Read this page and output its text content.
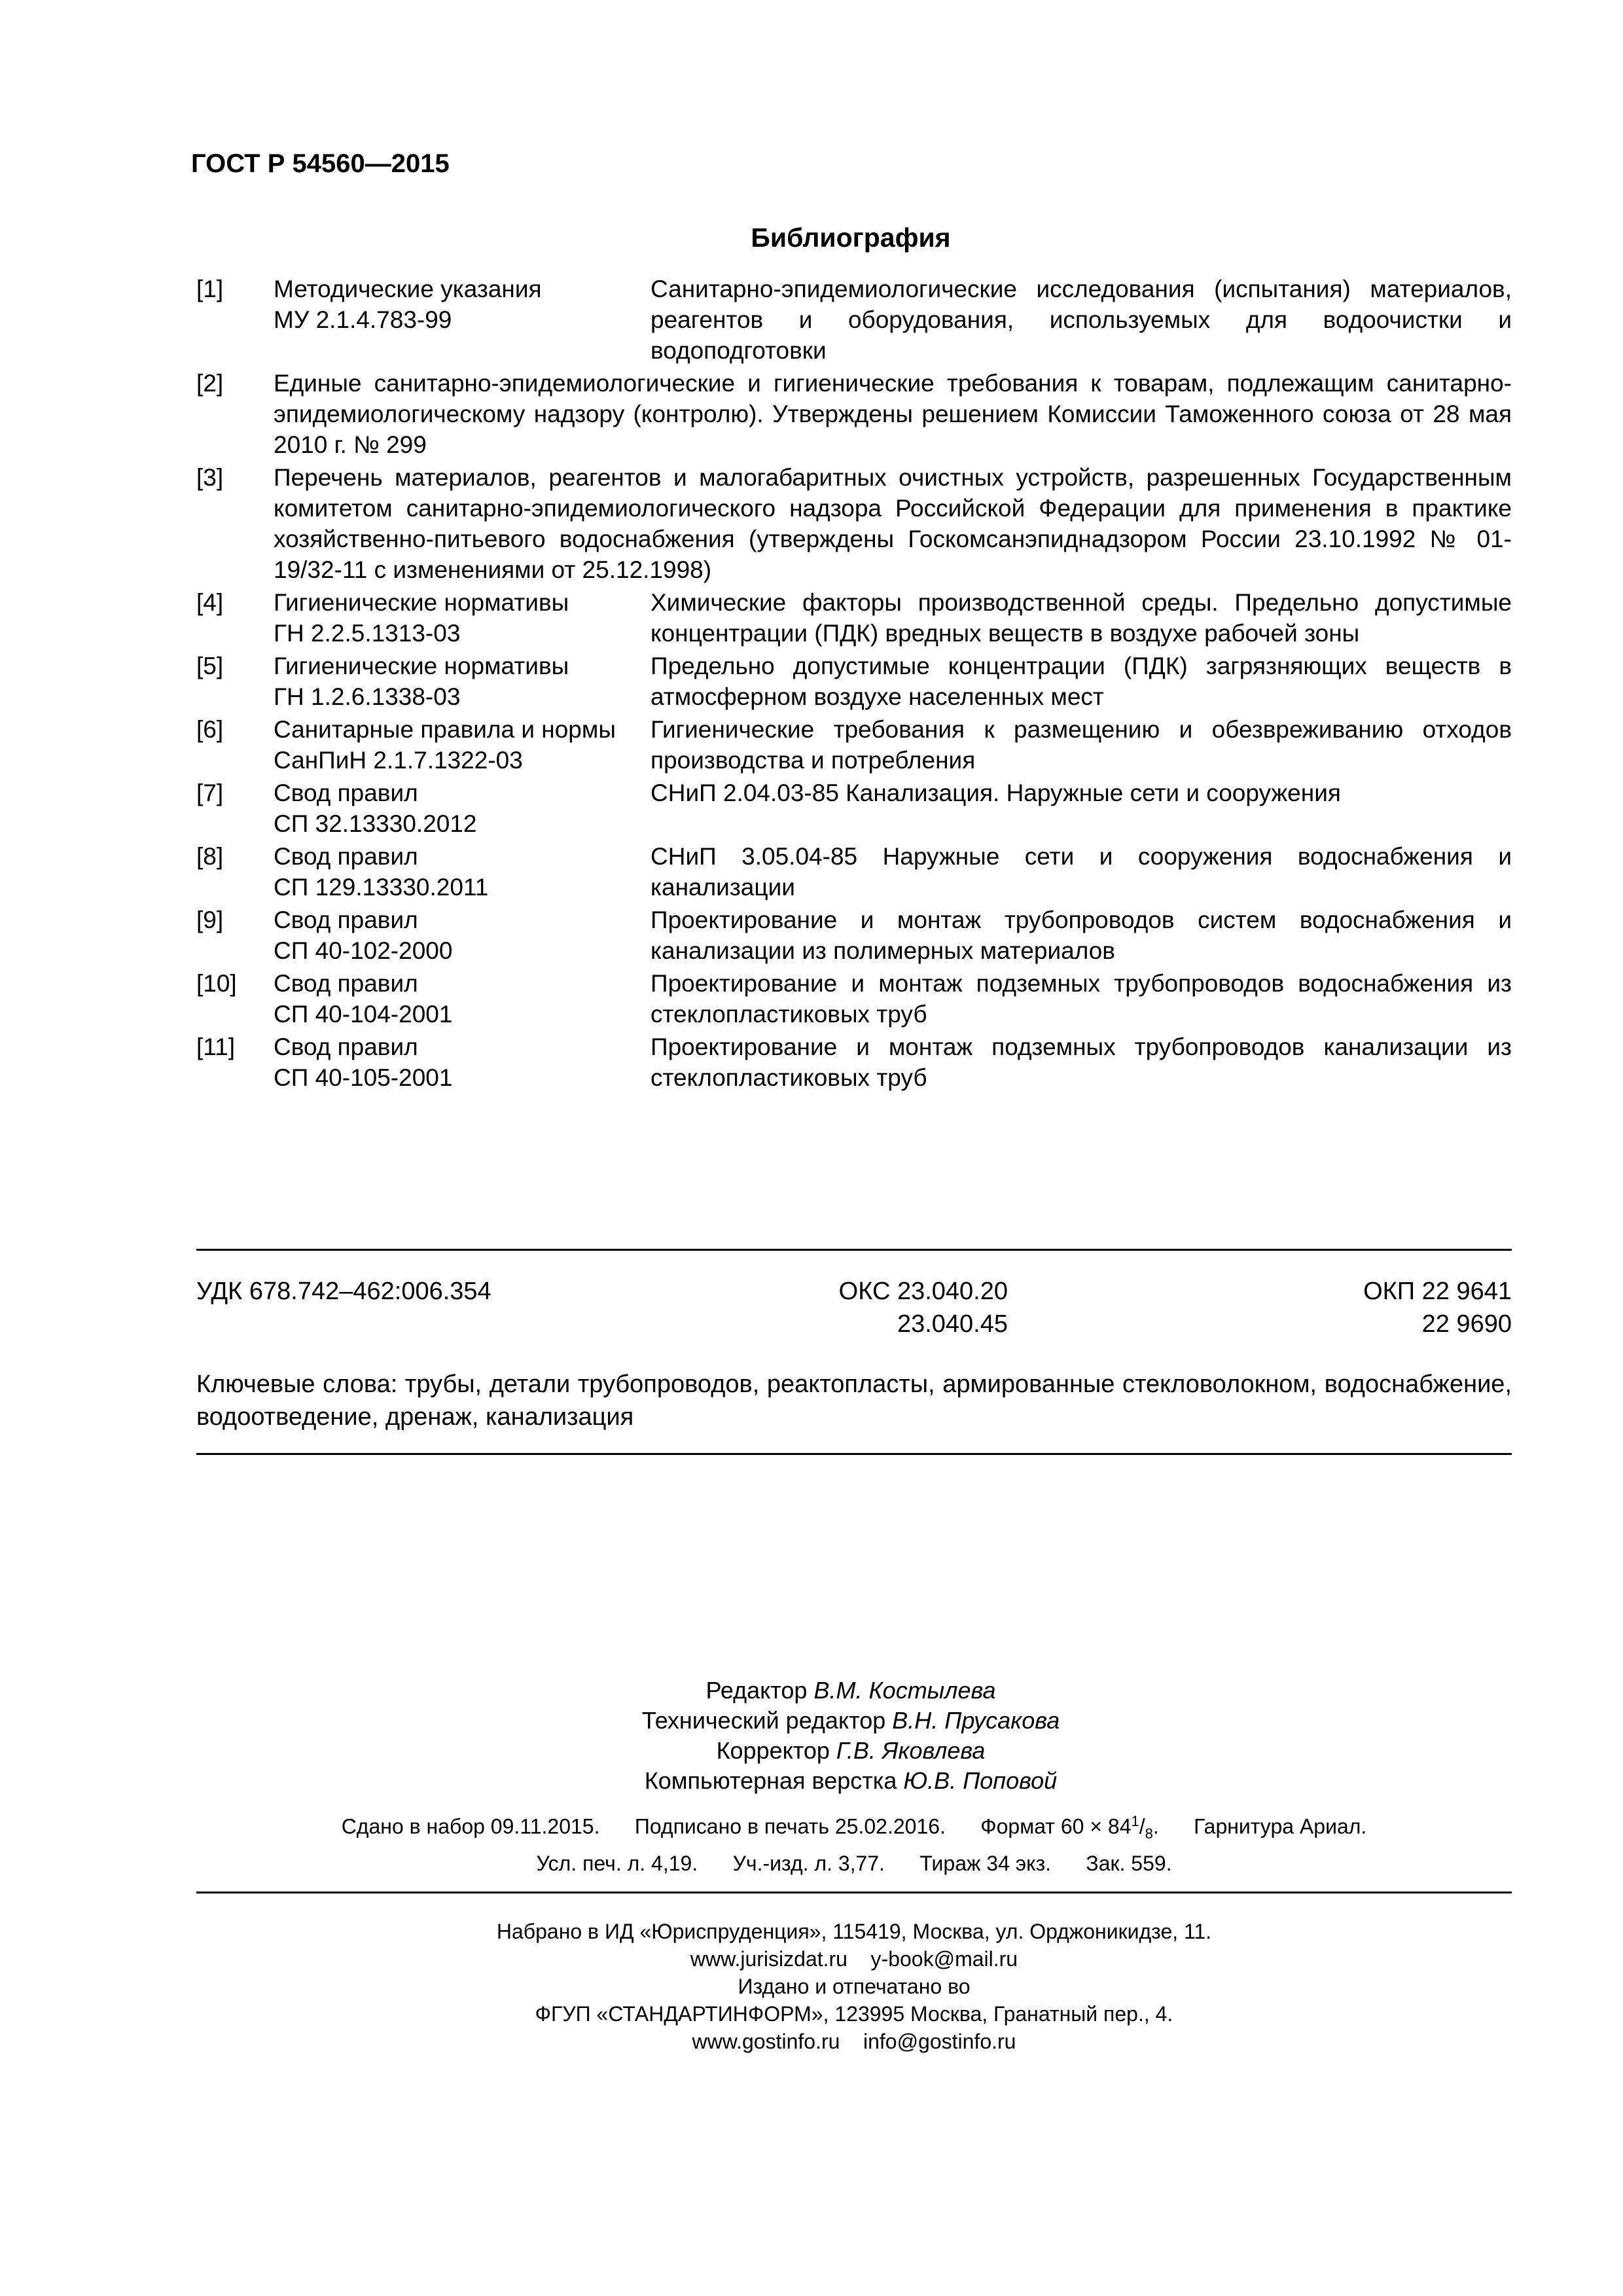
ГОСТ Р 54560—2015
Библиография
[1] Методические указания
МУ 2.1.4.783-99
Санитарно-эпидемиологические исследования (испытания) материалов, реагентов и оборудования, используемых для водоочистки и водоподготовки
[2] Единые санитарно-эпидемиологические и гигиенические требования к товарам, подлежащим санитарно-эпидемиологическому надзору (контролю). Утверждены решением Комиссии Таможенного союза от 28 мая 2010 г. № 299
[3] Перечень материалов, реагентов и малогабаритных очистных устройств, разрешенных Государственным комитетом санитарно-эпидемиологического надзора Российской Федерации для применения в практике хозяйственно-питьевого водоснабжения (утверждены Госкомсанэпиднадзором России 23.10.1992 № 01-19/32-11 с изменениями от 25.12.1998)
[4] Гигиенические нормативы
ГН 2.2.5.1313-03
Химические факторы производственной среды. Предельно допустимые концентрации (ПДК) вредных веществ в воздухе рабочей зоны
[5] Гигиенические нормативы
ГН 1.2.6.1338-03
Предельно допустимые концентрации (ПДК) загрязняющих веществ в атмосферном воздухе населенных мест
[6] Санитарные правила и нормы
СанПиН 2.1.7.1322-03
Гигиенические требования к размещению и обезвреживанию отходов производства и потребления
[7] Свод правил
СП 32.13330.2012
СНиП 2.04.03-85 Канализация. Наружные сети и сооружения
[8] Свод правил
СП 129.13330.2011
СНиП 3.05.04-85 Наружные сети и сооружения водоснабжения и канализации
[9] Свод правил
СП 40-102-2000
Проектирование и монтаж трубопроводов систем водоснабжения и канализации из полимерных материалов
[10] Свод правил
СП 40-104-2001
Проектирование и монтаж подземных трубопроводов водоснабжения из стеклопластиковых труб
[11] Свод правил
СП 40-105-2001
Проектирование и монтаж подземных трубопроводов канализации из стеклопластиковых труб
УДК 678.742–462:006.354	ОКС 23.040.20
23.040.45
ОКП 22 9641
22 9690
Ключевые слова: трубы, детали трубопроводов, реактопласты, армированные стекловолокном, водоснабжение, водоотведение, дренаж, канализация
Редактор В.М. Костылева
Технический редактор В.Н. Прусакова
Корректор Г.В. Яковлева
Компьютерная верстка Ю.В. Поповой
Сдано в набор 09.11.2015. Подписано в печать 25.02.2016. Формат $60 \times 84^1/_8$.      Гарнитура Ариал.
Усл. печ. л. 4,19. Уч.-изд. л. 3,77. Тираж 34 экз. Зак. 559.
Набрано в ИД «Юриспруденция», 115419, Москва, ул. Орджоникидзе, 11.
www.jurisizdat.ru    y-book@mail.ru
Издано и отпечатано во
ФГУП «СТАНДАРТИНФОРМ», 123995 Москва, Гранатный пер., 4.
www.gostinfo.ru    info@gostinfo.ru
